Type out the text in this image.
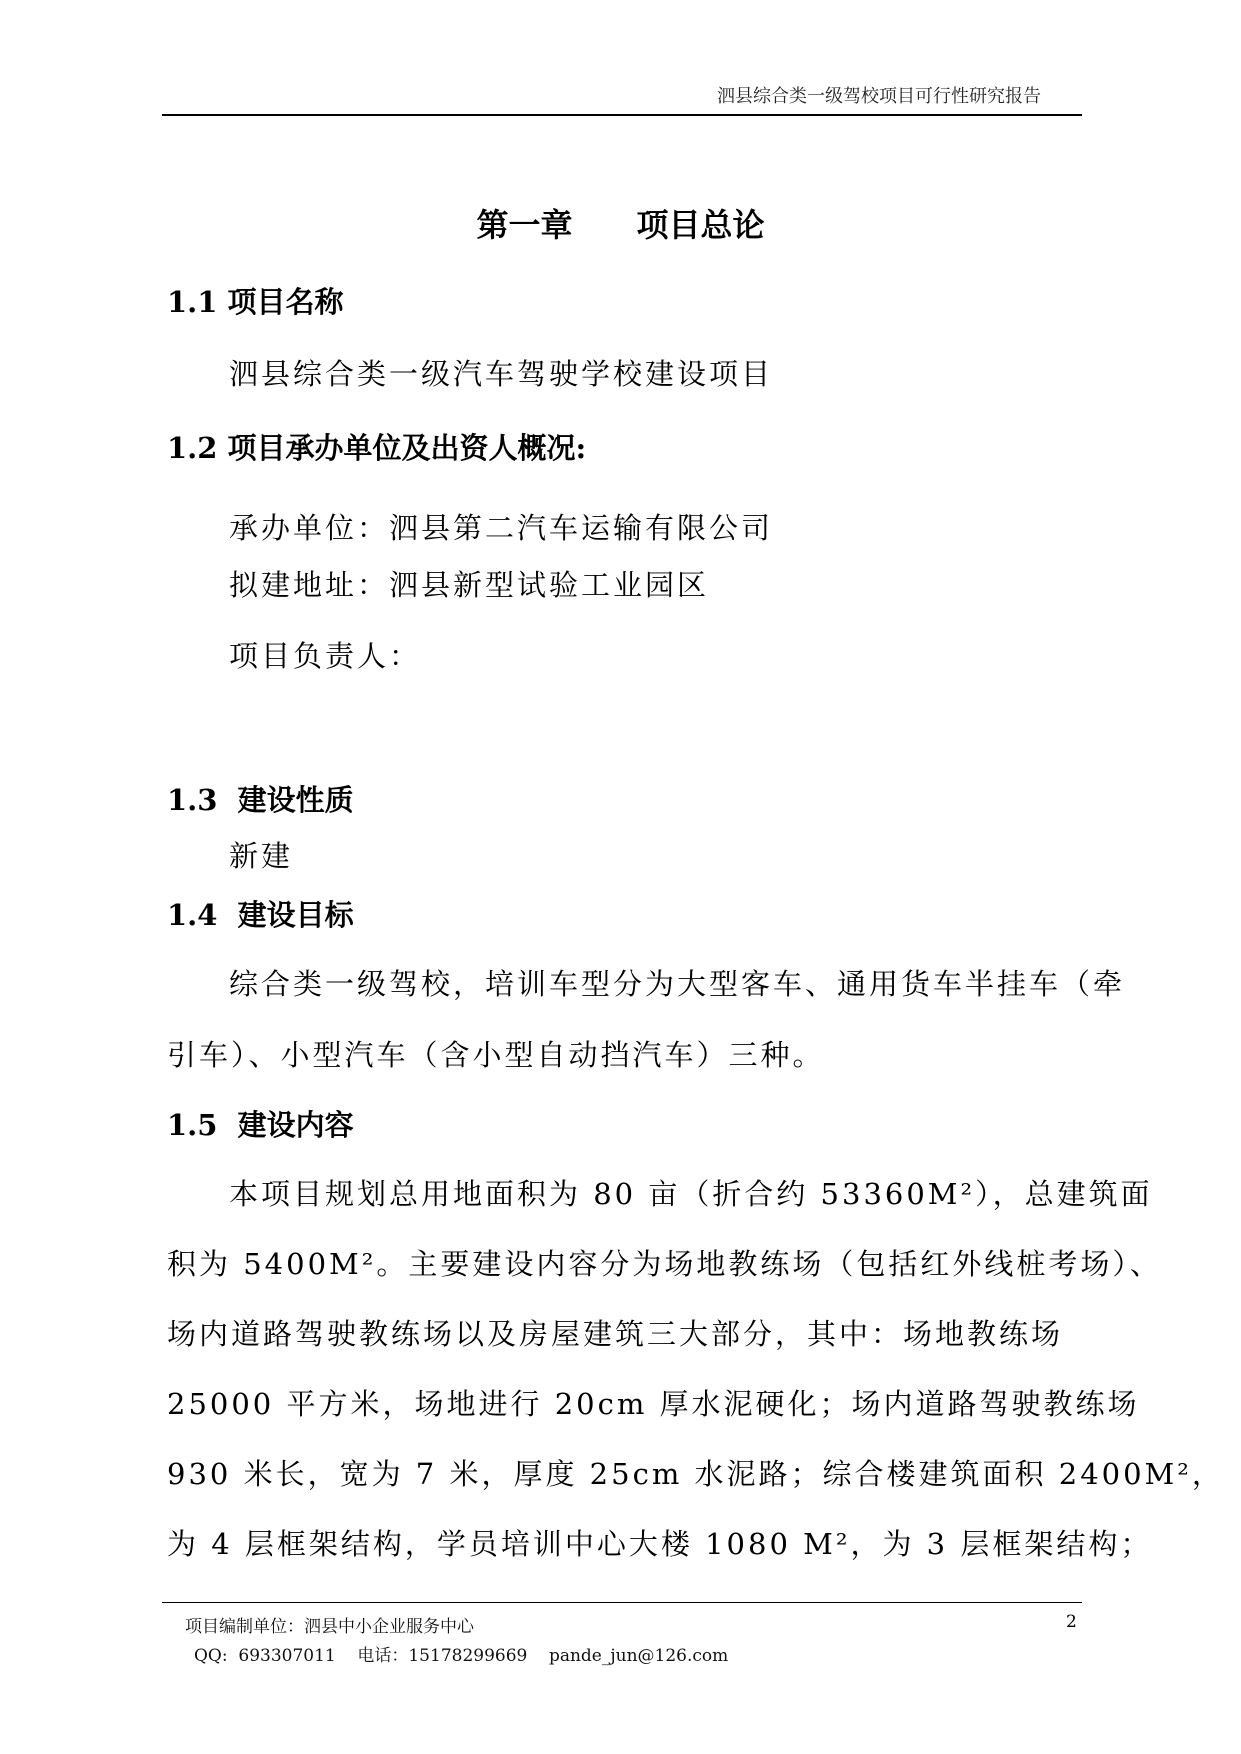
泗县综合类一级驾校项目可行性研究报告
第一章　　项目总论
1.1 项目名称
泗县综合类一级汽车驾驶学校建设项目
1.2 项目承办单位及出资人概况:
承办单位：泗县第二汽车运输有限公司
拟建地址：泗县新型试验工业园区
项目负责人：
1.3  建设性质
新建
1.4  建设目标
综合类一级驾校，培训车型分为大型客车、通用货车半挂车（牵
引车）、小型汽车（含小型自动挡汽车）三种。
1.5  建设内容
本项目规划总用地面积为 80 亩（折合约 53360M²），总建筑面
积为 5400M²。主要建设内容分为场地教练场（包括红外线桩考场）、
场内道路驾驶教练场以及房屋建筑三大部分，其中：场地教练场
25000 平方米，场地进行 20cm 厚水泥硬化；场内道路驾驶教练场
930 米长，宽为 7 米，厚度 25cm 水泥路；综合楼建筑面积 2400M²，
为 4 层框架结构，学员培训中心大楼 1080 M²，为 3 层框架结构；
项目编制单位：泗县中小企业服务中心
QQ:  693307011    电话：15178299669    pande_jun@126.com
2
